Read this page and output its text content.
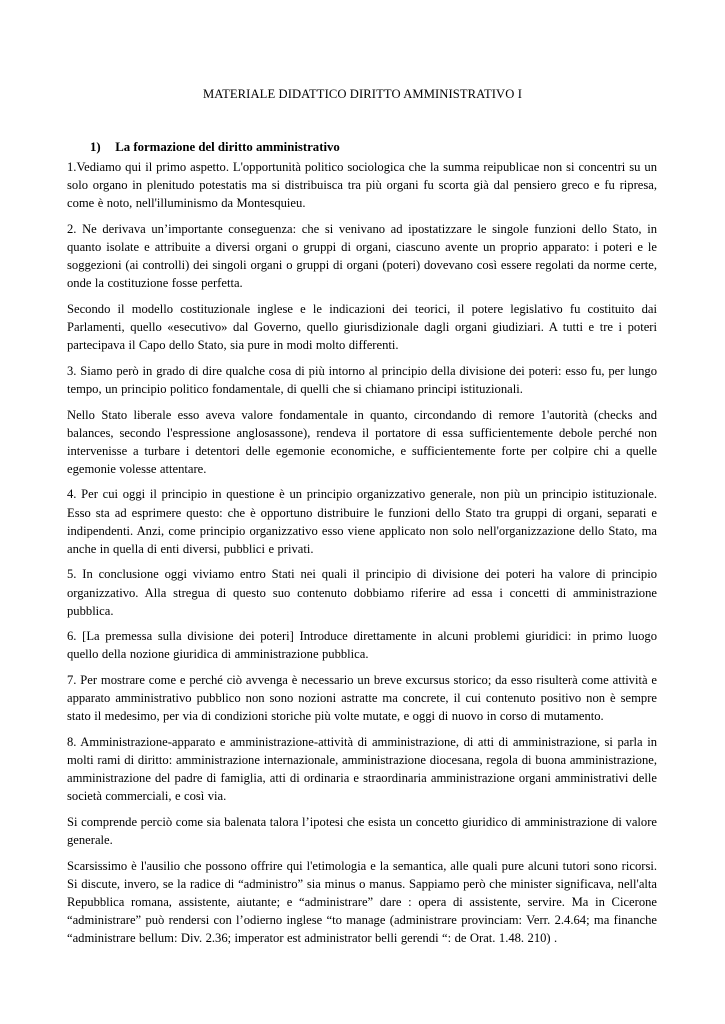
MATERIALE DIDATTICO DIRITTO AMMINISTRATIVO I
1) La formazione del diritto amministrativo

1.Vediamo qui il primo aspetto. L'opportunità politico sociologica che la summa reipublicae non si concentri su un solo organo in plenitudo potestatis ma si distribuisca tra più organi fu scorta già dal pensiero greco e fu ripresa, come è noto, nell'illuminismo da Montesquieu.

2. Ne derivava un’importante conseguenza: che si venivano ad ipostatizzare le singole funzioni dello Stato, in quanto isolate e attribuite a diversi organi o gruppi di organi, ciascuno avente un proprio apparato: i poteri e le soggezioni (ai controlli) dei singoli organi o gruppi di organi (poteri) dovevano così essere regolati da norme certe, onde la costituzione fosse perfetta.

Secondo il modello costituzionale inglese e le indicazioni dei teorici, il potere legislativo fu costituito dai Parlamenti, quello «esecutivo» dal Governo, quello giurisdizionale dagli organi giudiziari. A tutti e tre i poteri partecipava il Capo dello Stato, sia pure in modi molto differenti.

3. Siamo però in grado di dire qualche cosa di più intorno al principio della divisione dei poteri: esso fu, per lungo tempo, un principio politico fondamentale, di quelli che si chiamano principi istituzionali.

Nello Stato liberale esso aveva valore fondamentale in quanto, circondando di remore 1'autorità (checks and balances, secondo l'espressione anglosassone), rendeva il portatore di essa sufficientemente debole perché non intervenisse a turbare i detentori delle egemonie economiche, e sufficientemente forte per colpire chi a quelle egemonie volesse attentare.

4. Per cui oggi il principio in questione è un principio organizzativo generale, non più un principio istituzionale. Esso sta ad esprimere questo: che è opportuno distribuire le funzioni dello Stato tra gruppi di organi, separati e indipendenti. Anzi, come principio organizzativo esso viene applicato non solo nell'organizzazione dello Stato, ma anche in quella di enti diversi, pubblici e privati.

5. In conclusione oggi viviamo entro Stati nei quali il principio di divisione dei poteri ha valore di principio organizzativo. Alla stregua di questo suo contenuto dobbiamo riferire ad essa i concetti di amministrazione pubblica.

6. [La premessa sulla divisione dei poteri] Introduce direttamente in alcuni problemi giuridici: in primo luogo quello della nozione giuridica di amministrazione pubblica.

7. Per mostrare come e perché ciò avvenga è necessario un breve excursus storico; da esso risulterà come attività e apparato amministrativo pubblico non sono nozioni astratte ma concrete, il cui contenuto positivo non è sempre stato il medesimo, per via di condizioni storiche più volte mutate, e oggi di nuovo in corso di mutamento.

8. Amministrazione-apparato e amministrazione-attività di amministrazione, di atti di amministrazione, si parla in molti rami di diritto: amministrazione internazionale, amministrazione diocesana, regola di buona amministrazione, amministrazione del padre di famiglia, atti di ordinaria e straordinaria amministrazione organi amministrativi delle società commerciali, e così via.

Si comprende perciò come sia balenata talora l’ipotesi che esista un concetto giuridico di amministrazione di valore generale.

Scarsissimo è l'ausilio che possono offrire qui l'etimologia e la semantica, alle quali pure alcuni tutori sono ricorsi. Si discute, invero, se la radice di “administro” sia minus o manus. Sappiamo però che minister significava, nell'alta Repubblica romana, assistente, aiutante; e “administrare” dare : opera di assistente, servire. Ma in Cicerone “administrare” può rendersi con l’odierno inglese “to manage (administrare provinciam: Verr. 2.4.64; ma finanche “administrare bellum: Div. 2.36; imperator est administrator belli gerendi “: de Orat. 1.48. 210) .
